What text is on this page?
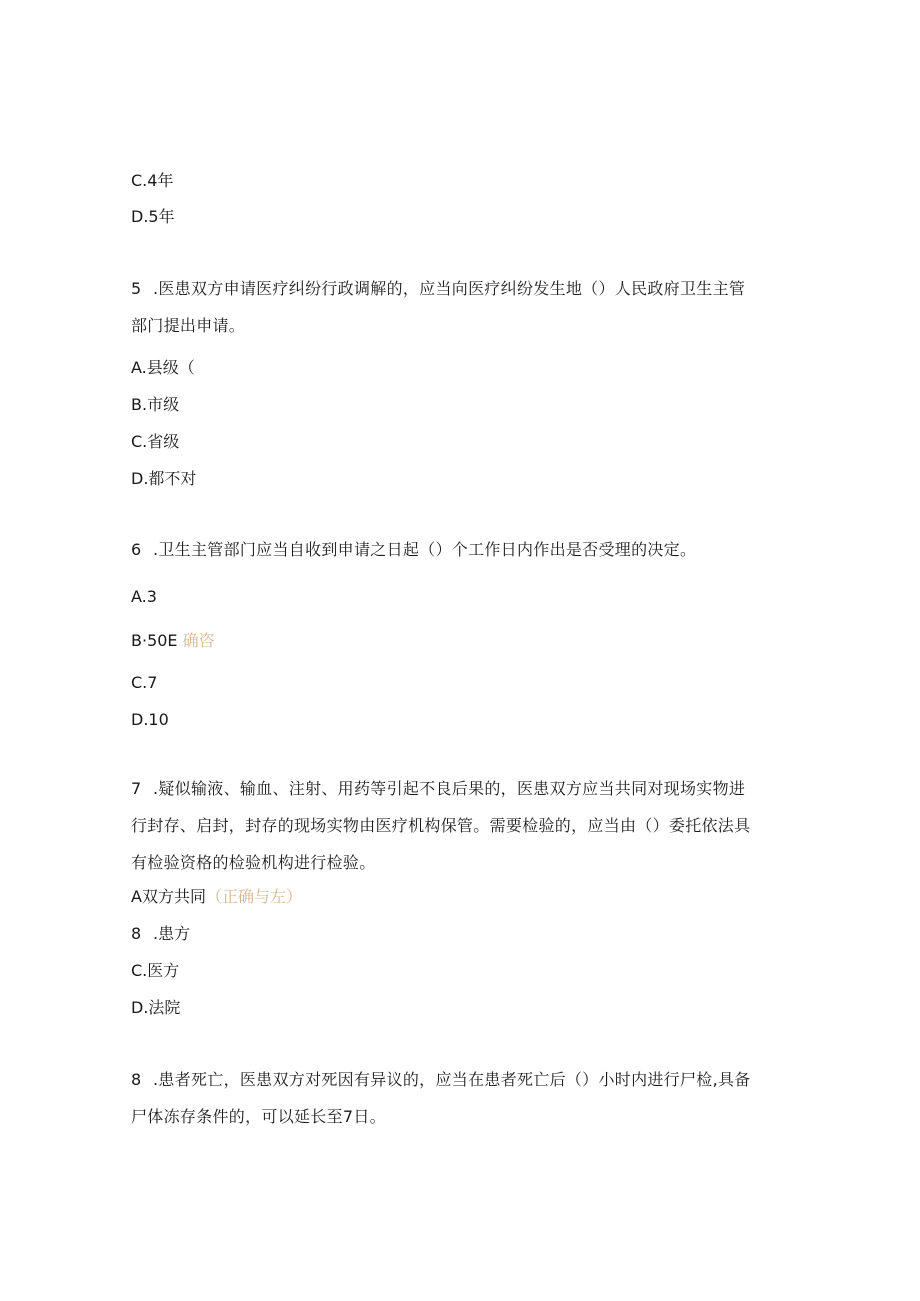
C.4年
D.5年
5 .医患双方申请医疗纠纷行政调解的，应当向医疗纠纷发生地（）人民政府卫生主管
部门提出申请。
A.县级（
B.市级
C.省级
D.都不对
6 .卫生主管部门应当自收到申请之日起（）个工作日内作出是否受理的决定。
A.3
B·50E 确咨
C.7
D.10
7 .疑似输液、输血、注射、用药等引起不良后果的，医患双方应当共同对现场实物进
行封存、启封，封存的现场实物由医疗机构保管。需要检验的，应当由（）委托依法具
有检验资格的检验机构进行检验。
A双方共同（正确与左）
8 .患方
C.医方
D.法院
8 .患者死亡，医患双方对死因有异议的，应当在患者死亡后（）小时内进行尸检,具备
尸体冻存条件的，可以延长至7日。
